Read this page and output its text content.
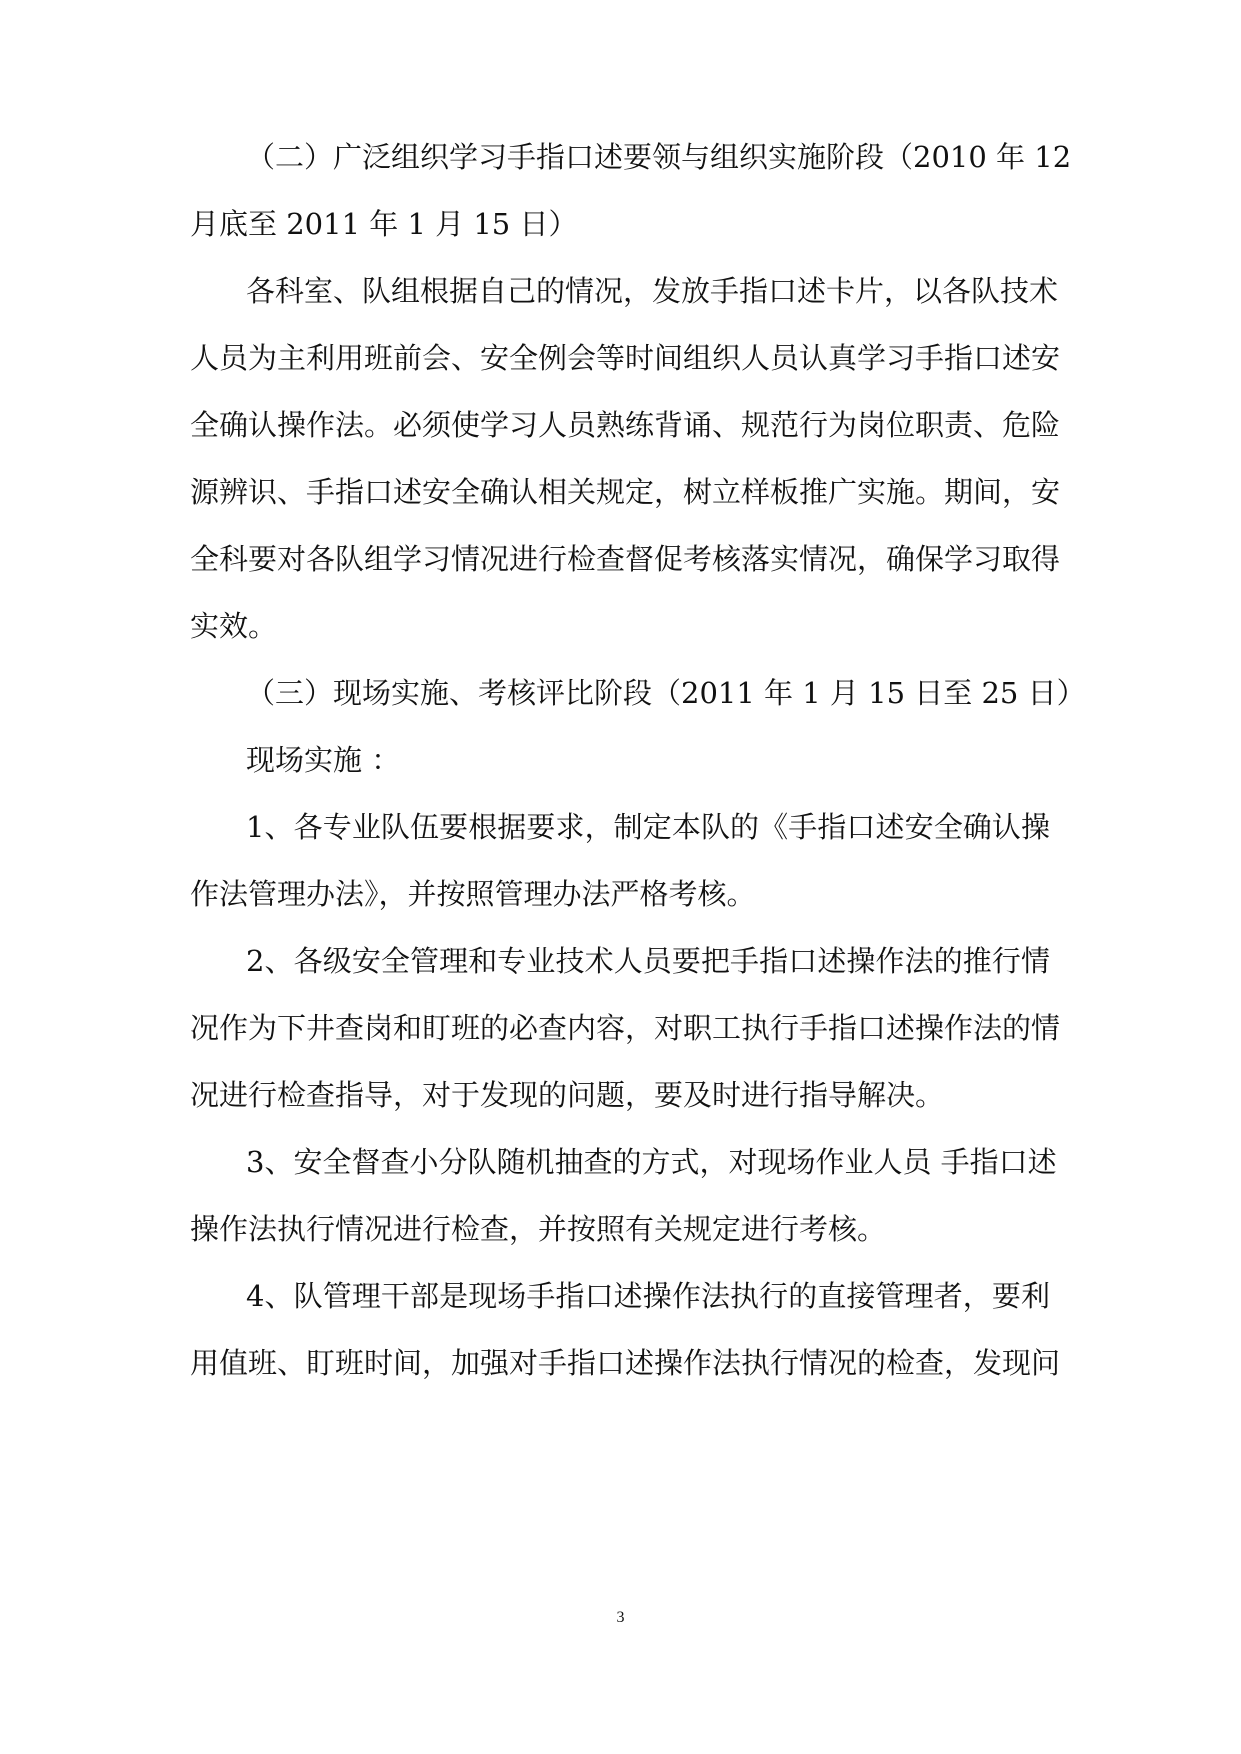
（二）广泛组织学习手指口述要领与组织实施阶段（2010 年 12
月底至 2011 年 1 月 15 日）
各科室、队组根据自己的情况，发放手指口述卡片，以各队技术
人员为主利用班前会、安全例会等时间组织人员认真学习手指口述安
全确认操作法。必须使学习人员熟练背诵、规范行为岗位职责、危险
源辨识、手指口述安全确认相关规定，树立样板推广实施。期间，安
全科要对各队组学习情况进行检查督促考核落实情况，确保学习取得
实效。
（三）现场实施、考核评比阶段（2011 年 1 月 15 日至 25 日）
现场实施 ：
1、各专业队伍要根据要求，制定本队的《手指口述安全确认操
作法管理办法》，并按照管理办法严格考核。
2、各级安全管理和专业技术人员要把手指口述操作法的推行情
况作为下井查岗和盯班的必查内容，对职工执行手指口述操作法的情
况进行检查指导，对于发现的问题，要及时进行指导解决。
3、安全督查小分队随机抽查的方式，对现场作业人员 手指口述
操作法执行情况进行检查，并按照有关规定进行考核。
4、队管理干部是现场手指口述操作法执行的直接管理者，要利
用值班、盯班时间，加强对手指口述操作法执行情况的检查，发现问
3
